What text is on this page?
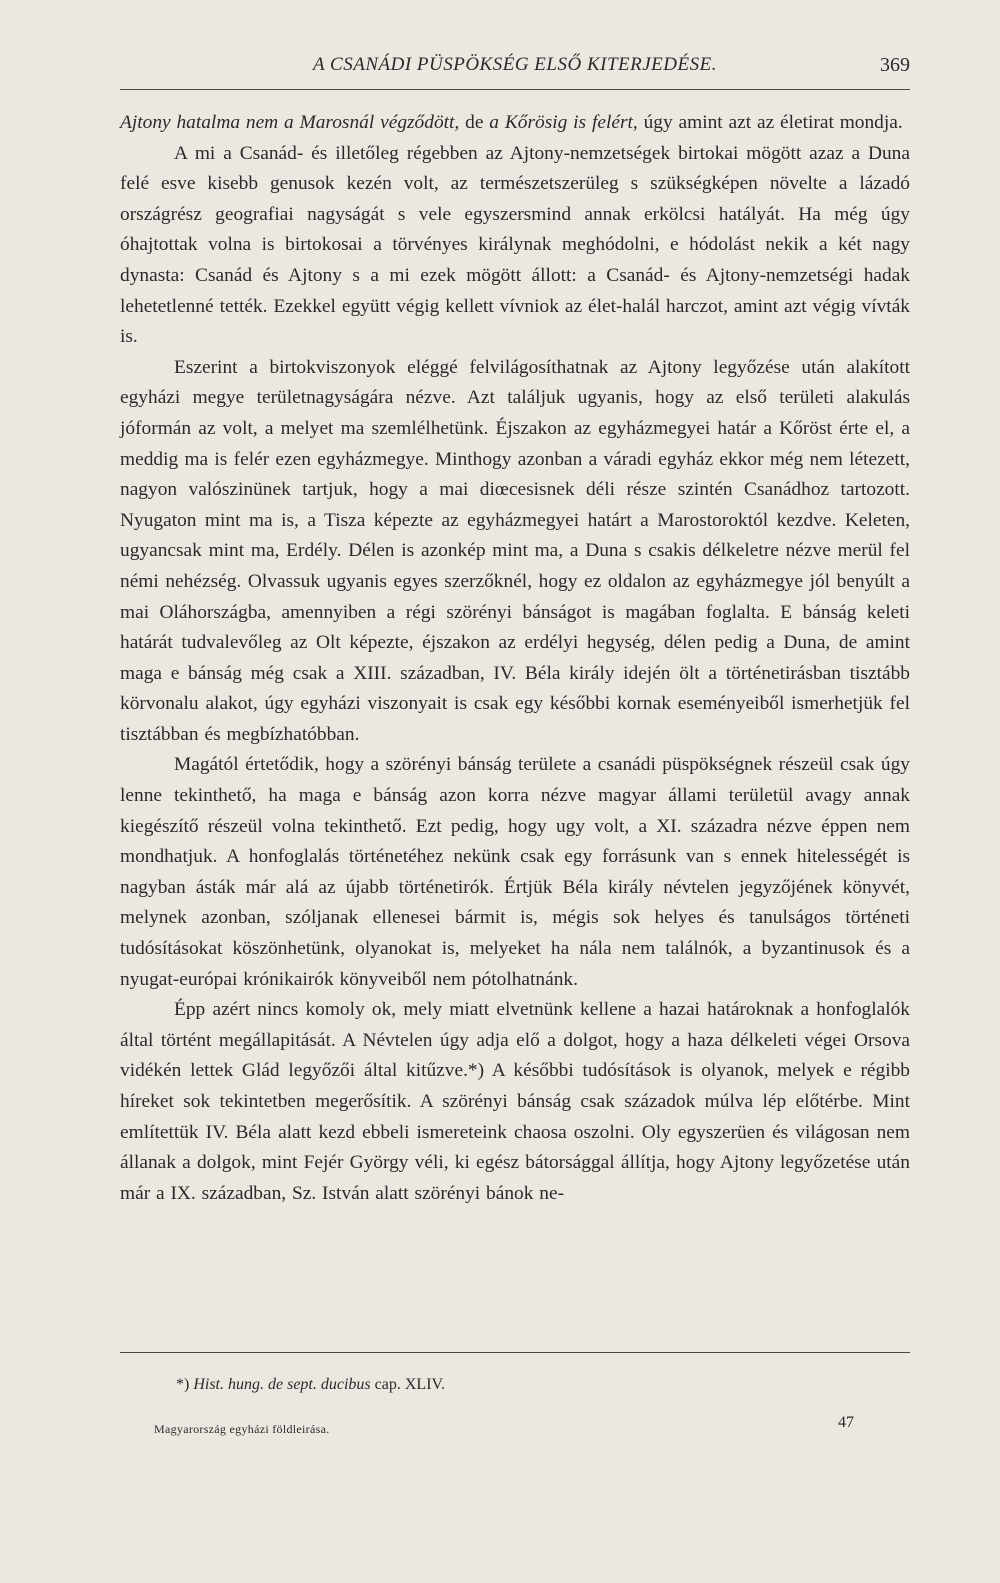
A CSANÁDI PÜSPÖKSÉG ELSŐ KITERJEDÉSE.	369

Ajtony hatalma nem a Marosnál végződött, de a Kőrösig is felért, úgy amint azt az életirat mondja.

A mi a Csanád- és illetőleg régebben az Ajtony-nemzetségek birtokai mögött azaz a Duna felé esve kisebb genusok kezén volt, az természetszerüleg s szükségképen növelte a lázadó országrész geografiai nagyságát s vele egyszersmind annak erkölcsi hatályát. Ha még úgy óhajtottak volna is birtokosai a törvényes királynak meghódolni, e hódolást nekik a két nagy dynasta: Csanád és Ajtony s a mi ezek mögött állott: a Csanád- és Ajtony-nemzetségi hadak lehetetlenné tették. Ezekkel együtt végig kellett vívniok az élet-halál harczot, amint azt végig vívták is.

Eszerint a birtokviszonyok eléggé felvilágosíthatnak az Ajtony legyőzése után alakított egyházi megye területnagyságára nézve. Azt találjuk ugyanis, hogy az első területi alakulás jóformán az volt, a melyet ma szemlélhetünk. Éjszakon az egyházmegyei határ a Kőröst érte el, a meddig ma is felér ezen egyházmegye. Minthogy azonban a váradi egyház ekkor még nem létezett, nagyon valószinünek tartjuk, hogy a mai diœcesisnek déli része szintén Csanádhoz tartozott. Nyugaton mint ma is, a Tisza képezte az egyházmegyei határt a Marostoroktól kezdve. Keleten, ugyancsak mint ma, Erdély. Délen is azonkép mint ma, a Duna s csakis délkeletre nézve merül fel némi nehézség. Olvassuk ugyanis egyes szerzőknél, hogy ez oldalon az egyházmegye jól benyúlt a mai Oláhországba, amennyiben a régi szörényi bánságot is magában foglalta. E bánság keleti határát tudvalevőleg az Olt képezte, éjszakon az erdélyi hegység, délen pedig a Duna, de amint maga e bánság még csak a XIII. században, IV. Béla király idején ölt a történetirásban tisztább körvonalu alakot, úgy egyházi viszonyait is csak egy későbbi kornak eseményeiből ismerhetjük fel tisztábban és megbízhatóbban.

Magától értetődik, hogy a szörényi bánság területe a csanádi püspökségnek részeül csak úgy lenne tekinthető, ha maga e bánság azon korra nézve magyar állami területül avagy annak kiegészítő részeül volna tekinthető. Ezt pedig, hogy ugy volt, a XI. századra nézve éppen nem mondhatjuk. A honfoglalás történetéhez nekünk csak egy forrásunk van s ennek hitelességét is nagyban ásták már alá az újabb történetirók. Értjük Béla király névtelen jegyzőjének könyvét, melynek azonban, szóljanak ellenesei bármit is, mégis sok helyes és tanulságos történeti tudósításokat köszönhetünk, olyanokat is, melyeket ha nála nem találnók, a byzantinusok és a nyugat-európai krónikairók könyveiből nem pótolhatnánk.

Épp azért nincs komoly ok, mely miatt elvetnünk kellene a hazai határoknak a honfoglalók által történt megállapitását. A Névtelen úgy adja elő a dolgot, hogy a haza délkeleti végei Orsova vidékén lettek Glád legyőzői által kitűzve.*) A későbbi tudósítások is olyanok, melyek e régibb híreket sok tekintetben megerősítik. A szörényi bánság csak századok múlva lép előtérbe. Mint említettük IV. Béla alatt kezd ebbeli ismereteink chaosa oszolni. Oly egyszerüen és világosan nem állanak a dolgok, mint Fejér György véli, ki egész bátorsággal állítja, hogy Ajtony legyőzetése után már a IX. században, Sz. István alatt szörényi bánok ne-

*) Hist. hung. de sept. ducibus cap. XLIV.
Magyarország egyházi földleirása.	47
